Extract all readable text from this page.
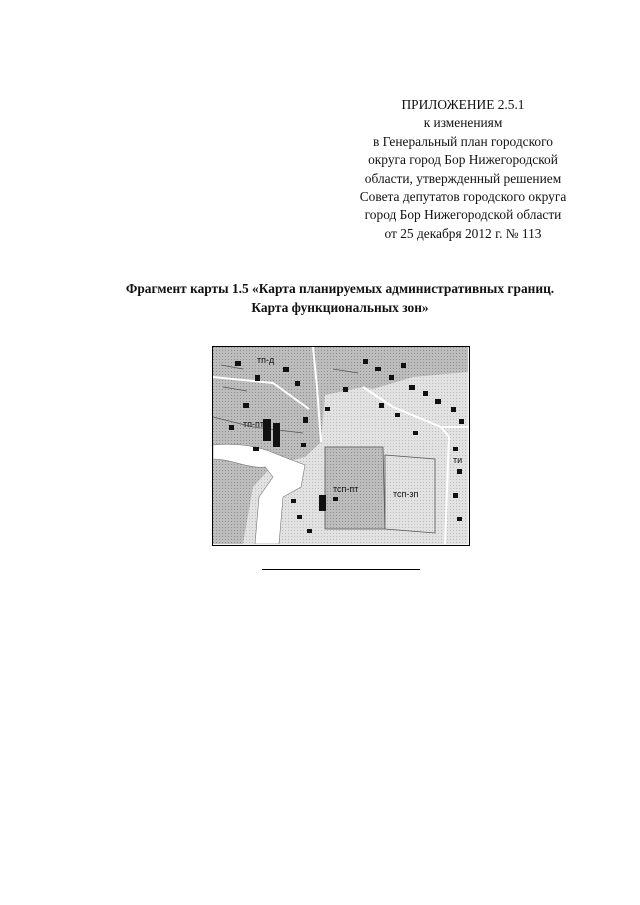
ПРИЛОЖЕНИЕ 2.5.1
к изменениям
в Генеральный план городского
округа город Бор Нижегородской
области, утвержденный решением
Совета депутатов городского округа
город Бор Нижегородской области
от 25 декабря 2012 г. № 113
Фрагмент карты 1.5 «Карта планируемых административных границ.
Карта функциональных зон»
тп-д
тп-пт
тсп-пт	тсп-зп
ти
